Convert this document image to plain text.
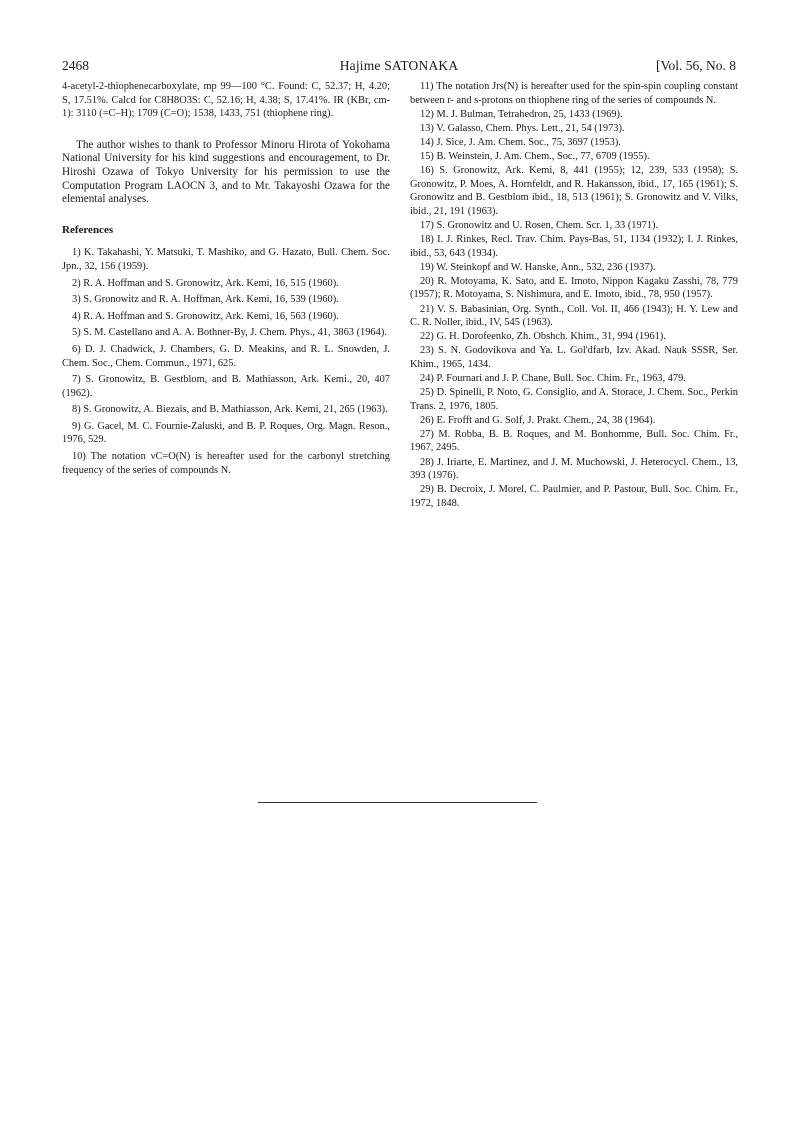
2468	Hajime SATONAKA	[Vol. 56, No. 8

4-acetyl-2-thiophenecarboxylate, mp 99—100 °C. Found: C, 52.37; H, 4.20; S, 17.51%. Calcd for C8H8O3S: C, 52.16; H, 4.38; S, 17.41%. IR (KBr, cm-1): 3110 (=C–H); 1709 (C=O); 1538, 1433, 751 (thiophene ring).

The author wishes to thank to Professor Minoru Hirota of Yokohama National University for his kind suggestions and encouragement, to Dr. Hiroshi Ozawa of Tokyo University for his permission to use the Computation Program LAOCN 3, and to Mr. Takayoshi Ozawa for the elemental analyses.

References

1) K. Takahashi, Y. Matsuki, T. Mashiko, and G. Hazato, Bull. Chem. Soc. Jpn., 32, 156 (1959).

2) R. A. Hoffman and S. Gronowitz, Ark. Kemi, 16, 515 (1960).

3) S. Gronowitz and R. A. Hoffman, Ark. Kemi, 16, 539 (1960).

4) R. A. Hoffman and S. Gronowitz, Ark. Kemi, 16, 563 (1960).

5) S. M. Castellano and A. A. Bothner-By, J. Chem. Phys., 41, 3863 (1964).

6) D. J. Chadwick, J. Chambers, G. D. Meakins, and R. L. Snowden, J. Chem. Soc., Chem. Commun., 1971, 625.

7) S. Gronowitz, B. Gestblom, and B. Mathiasson, Ark. Kemi., 20, 407 (1962).

8) S. Gronowitz, A. Biezais, and B. Mathiasson, Ark. Kemi, 21, 265 (1963).

9) G. Gacel, M. C. Fournie-Zaluski, and B. P. Roques, Org. Magn. Reson., 1976, 529.

10) The notation νC=O(N) is hereafter used for the carbonyl stretching frequency of the series of compounds N.

11) The notation Jrs(N) is hereafter used for the spin-spin coupling constant between r- and s-protons on thiophene ring of the series of compounds N.

12) M. J. Bulman, Tetrahedron, 25, 1433 (1969).

13) V. Galasso, Chem. Phys. Lett., 21, 54 (1973).

14) J. Sice, J. Am. Chem. Soc., 75, 3697 (1953).

15) B. Weinstein, J. Am. Chem., Soc., 77, 6709 (1955).

16) S. Gronowitz, Ark. Kemi, 8, 441 (1955); 12, 239, 533 (1958); S. Gronowitz, P. Moes, A. Hornfeldt, and R. Hakansson, ibid., 17, 165 (1961); S. Gronowitz and B. Gestblom ibid., 18, 513 (1961); S. Gronowitz and V. Vilks, ibid., 21, 191 (1963).

17) S. Gronowitz and U. Rosen, Chem. Scr. 1, 33 (1971).

18) I. J. Rinkes, Recl. Trav. Chim. Pays-Bas, 51, 1134 (1932); I. J. Rinkes, ibid., 53, 643 (1934).

19) W. Steinkopf and W. Hanske, Ann., 532, 236 (1937).

20) R. Motoyama, K. Sato, and E. Imoto, Nippon Kagaku Zasshi, 78, 779 (1957); R. Motoyama, S. Nishimura, and E. Imoto, ibid., 78, 950 (1957).

21) V. S. Babasinian, Org. Synth., Coll. Vol. II, 466 (1943); H. Y. Lew and C. R. Noller, ibid., IV, 545 (1963).

22) G. H. Dorofeenko, Zh. Obshch. Khim., 31, 994 (1961).

23) S. N. Godovikova and Ya. L. Gol'dfarb, Izv. Akad. Nauk SSSR, Ser. Khim., 1965, 1434.

24) P. Fournari and J. P. Chane, Bull. Soc. Chim. Fr., 1963, 479.

25) D. Spinelli, P. Noto, G. Consiglio, and A. Storace, J. Chem. Soc., Perkin Trans. 2, 1976, 1805.

26) E. Frofft and G. Solf, J. Prakt. Chem., 24, 38 (1964).

27) M. Robba, B. B. Roques, and M. Bonhomme, Bull. Soc. Chim. Fr., 1967, 2495.

28) J. Iriarte, E. Martinez, and J. M. Muchowski, J. Heterocycl. Chem., 13, 393 (1976).

29) B. Decroix, J. Morel, C. Paulmier, and P. Pastour, Bull. Soc. Chim. Fr., 1972, 1848.
